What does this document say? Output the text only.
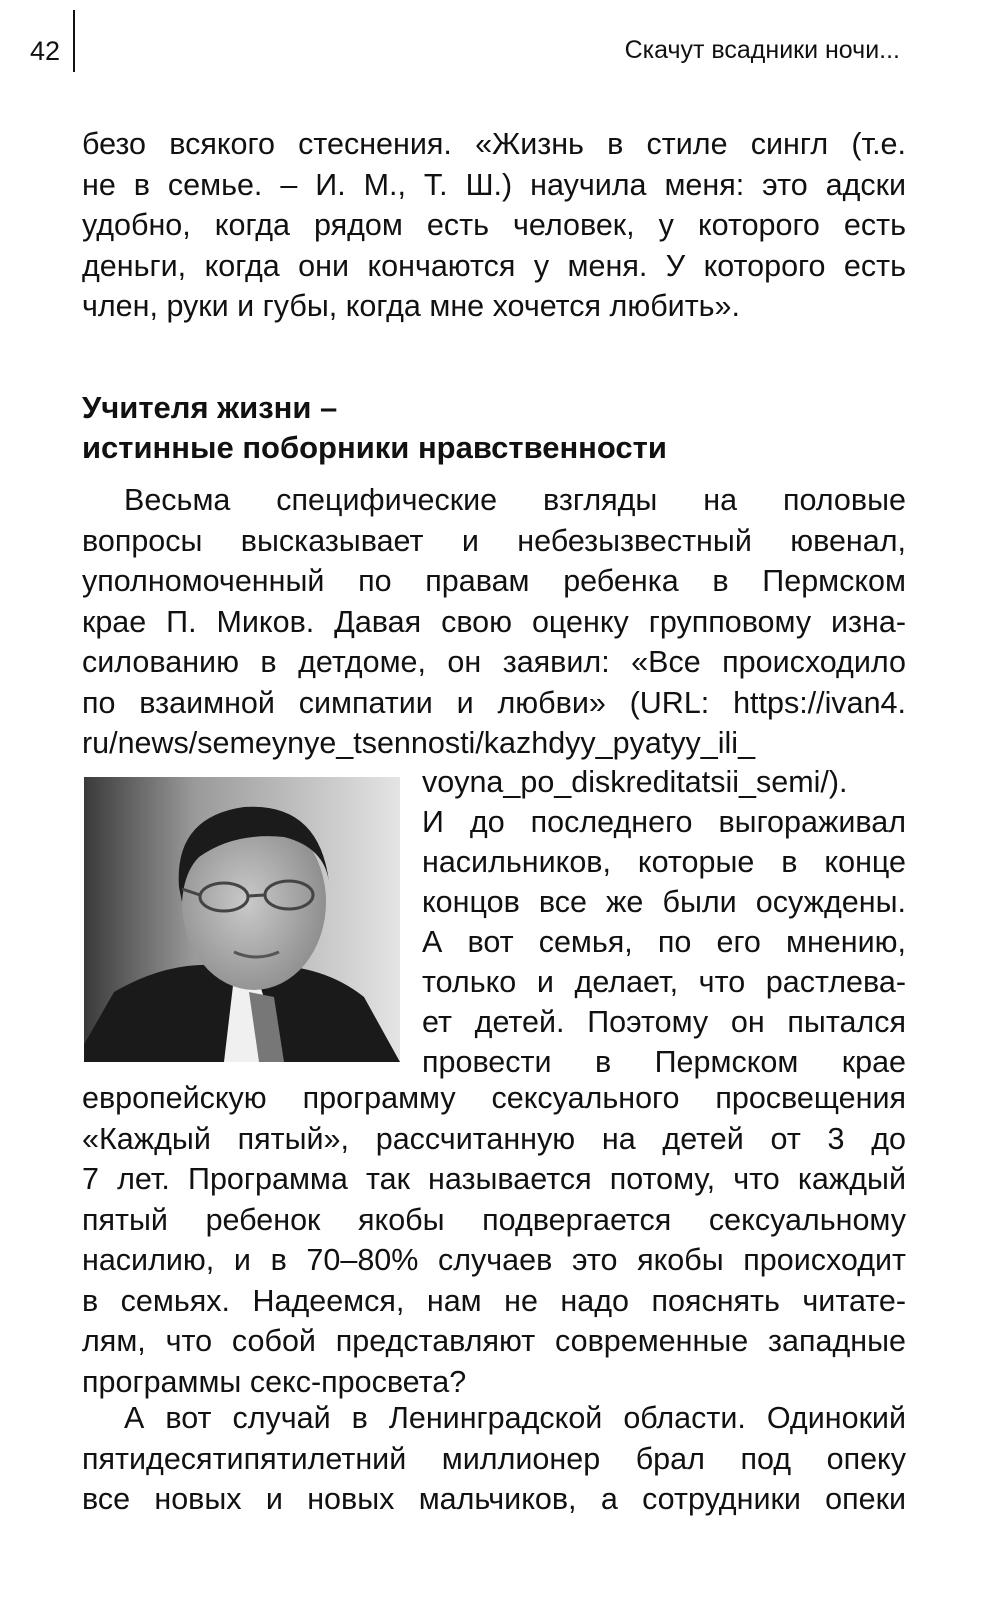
42	Скачут всадники ночи...
безо всякого стеснения. «Жизнь в стиле сингл (т.е.
не в семье. – И. М., Т. Ш.) научила меня: это адски
удобно, когда рядом есть человек, у которого есть
деньги, когда они кончаются у меня. У которого есть
член, руки и губы, когда мне хочется любить».
Учителя жизни –
истинные поборники нравственности
Весьма специфические взгляды на половые
вопросы высказывает и небезызвестный ювенал,
уполномоченный по правам ребенка в Пермском
крае П. Миков. Давая свою оценку групповому изна-
силованию в детдоме, он заявил: «Все происходило
по взаимной симпатии и любви» (URL: https://ivan4.
ru/news/semeynye_tsennosti/kazhdyy_pyatyy_ili_
voyna_po_diskreditatsii_semi/).
И до последнего выгораживал
насильников, которые в конце
концов все же были осуждены.
А вот семья, по его мнению,
только и делает, что растлева-
ет детей. Поэтому он пытался
провести в Пермском крае
европейскую программу сексуального просвещения
«Каждый пятый», рассчитанную на детей от 3 до
7 лет. Программа так называется потому, что каждый
пятый ребенок якобы подвергается сексуальному
насилию, и в 70–80% случаев это якобы происходит
в семьях. Надеемся, нам не надо пояснять читате-
лям, что собой представляют современные западные
программы секс-просвета?
А вот случай в Ленинградской области. Одинокий
пятидесятипятилетний миллионер брал под опеку
все новых и новых мальчиков, а сотрудники опеки
